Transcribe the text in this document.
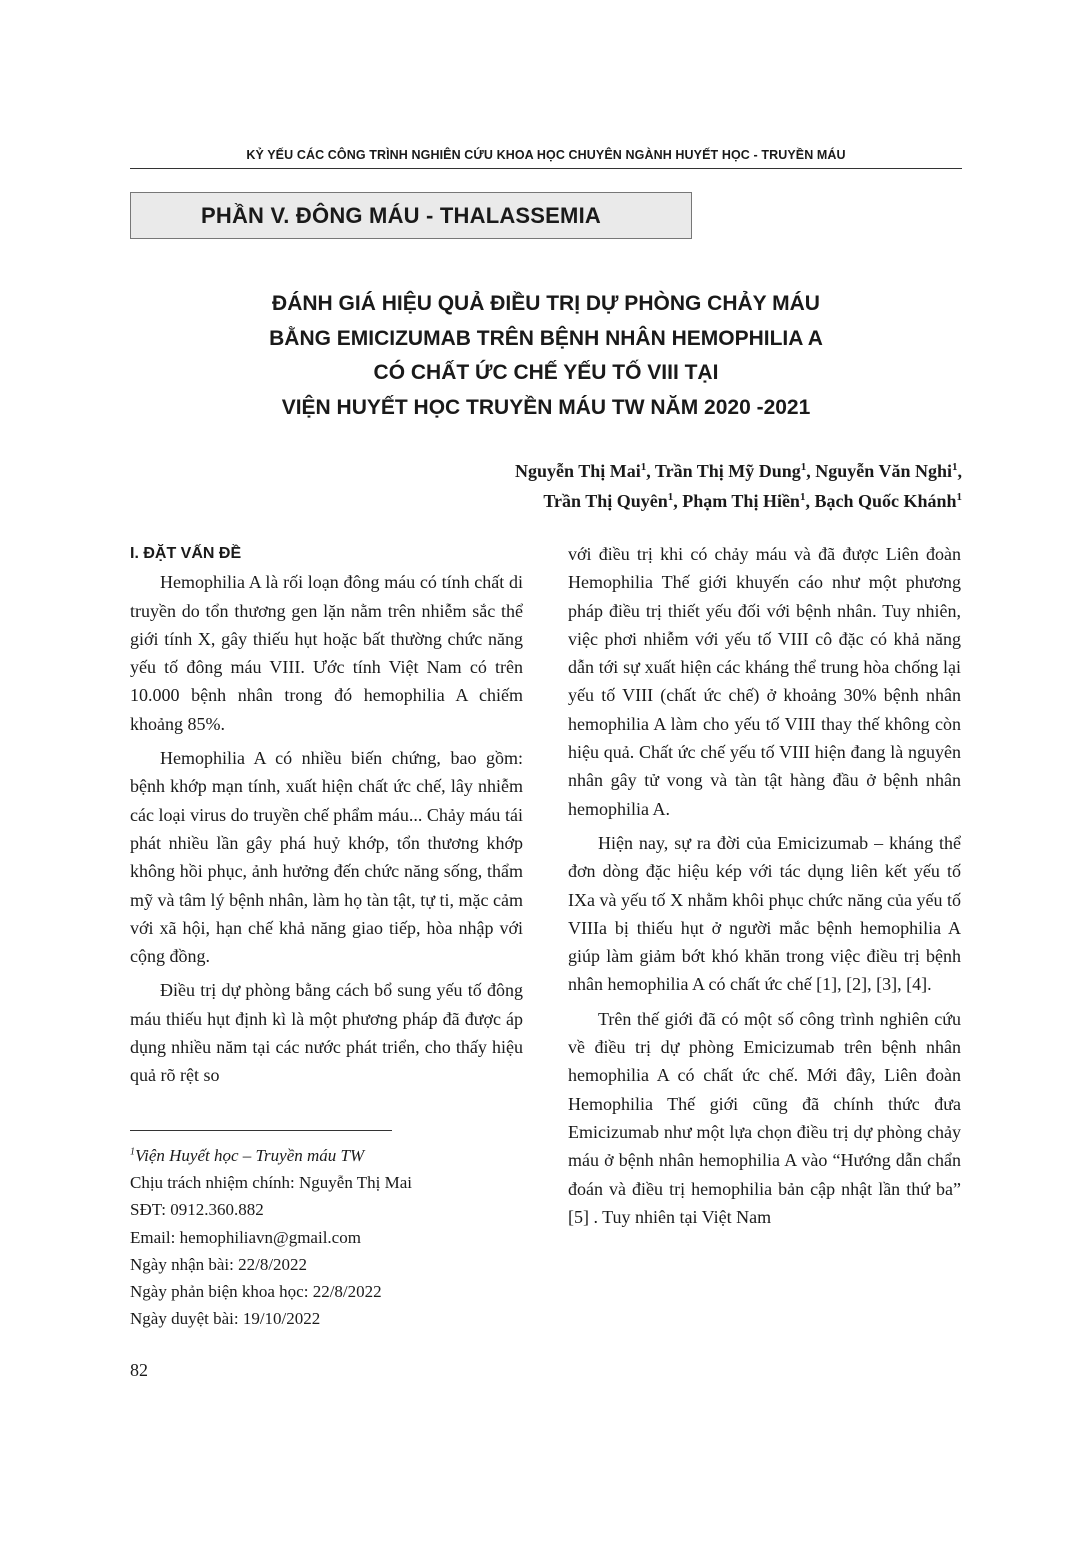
KỶ YẾU CÁC CÔNG TRÌNH NGHIÊN CỨU KHOA HỌC CHUYÊN NGÀNH HUYẾT HỌC - TRUYỀN MÁU
PHẦN V. ĐÔNG MÁU - THALASSEMIA
ĐÁNH GIÁ HIỆU QUẢ ĐIỀU TRỊ DỰ PHÒNG CHẢY MÁU
BẰNG EMICIZUMAB TRÊN BỆNH NHÂN HEMOPHILIA A
CÓ CHẤT ỨC CHẾ YẾU TỐ VIII TẠI
VIỆN HUYẾT HỌC TRUYỀN MÁU TW NĂM 2020 -2021
Nguyễn Thị Mai$^1$, Trần Thị Mỹ Dung$^1$, Nguyễn Văn Nghi$^1$,
Trần Thị Quyên$^1$, Phạm Thị Hiền$^1$, Bạch Quốc Khánh$^1$
I. ĐẶT VẤN ĐỀ

Hemophilia A là rối loạn đông máu có tính chất di truyền do tổn thương gen lặn nằm trên nhiễm sắc thể giới tính X, gây thiếu hụt hoặc bất thường chức năng yếu tố đông máu VIII. Ước tính Việt Nam có trên 10.000 bệnh nhân trong đó hemophilia A chiếm khoảng 85%.

Hemophilia A có nhiều biến chứng, bao gồm: bệnh khớp mạn tính, xuất hiện chất ức chế, lây nhiễm các loại virus do truyền chế phẩm máu... Chảy máu tái phát nhiều lần gây phá huỷ khớp, tổn thương khớp không hồi phục, ảnh hưởng đến chức năng sống, thẩm mỹ và tâm lý bệnh nhân, làm họ tàn tật, tự ti, mặc cảm với xã hội, hạn chế khả năng giao tiếp, hòa nhập với cộng đồng.

Điều trị dự phòng bằng cách bổ sung yếu tố đông máu thiếu hụt định kì là một phương pháp đã được áp dụng nhiều năm tại các nước phát triển, cho thấy hiệu quả rõ rệt so

với điều trị khi có chảy máu và đã được Liên đoàn Hemophilia Thế giới khuyến cáo như một phương pháp điều trị thiết yếu đối với bệnh nhân. Tuy nhiên, việc phơi nhiễm với yếu tố VIII cô đặc có khả năng dẫn tới sự xuất hiện các kháng thể trung hòa chống lại yếu tố VIII (chất ức chế) ở khoảng 30% bệnh nhân hemophilia A làm cho yếu tố VIII thay thế không còn hiệu quả. Chất ức chế yếu tố VIII hiện đang là nguyên nhân gây tử vong và tàn tật hàng đầu ở bệnh nhân hemophilia A.

Hiện nay, sự ra đời của Emicizumab – kháng thể đơn dòng đặc hiệu kép với tác dụng liên kết yếu tố IXa và yếu tố X nhằm khôi phục chức năng của yếu tố VIIIa bị thiếu hụt ở người mắc bệnh hemophilia A giúp làm giảm bớt khó khăn trong việc điều trị bệnh nhân hemophilia A có chất ức chế [1], [2], [3], [4].

Trên thế giới đã có một số công trình nghiên cứu về điều trị dự phòng Emicizumab trên bệnh nhân hemophilia A có chất ức chế. Mới đây, Liên đoàn Hemophilia Thế giới cũng đã chính thức đưa Emicizumab như một lựa chọn điều trị dự phòng chảy máu ở bệnh nhân hemophilia A vào “Hướng dẫn chẩn đoán và điều trị hemophilia bản cập nhật lần thứ ba” [5] . Tuy nhiên tại Việt Nam

$^1$Viện Huyết học – Truyền máu TW
Chịu trách nhiệm chính: Nguyễn Thị Mai
SĐT: 0912.360.882
Email: hemophiliavn@gmail.com
Ngày nhận bài: 22/8/2022
Ngày phản biện khoa học: 22/8/2022
Ngày duyệt bài: 19/10/2022
82
